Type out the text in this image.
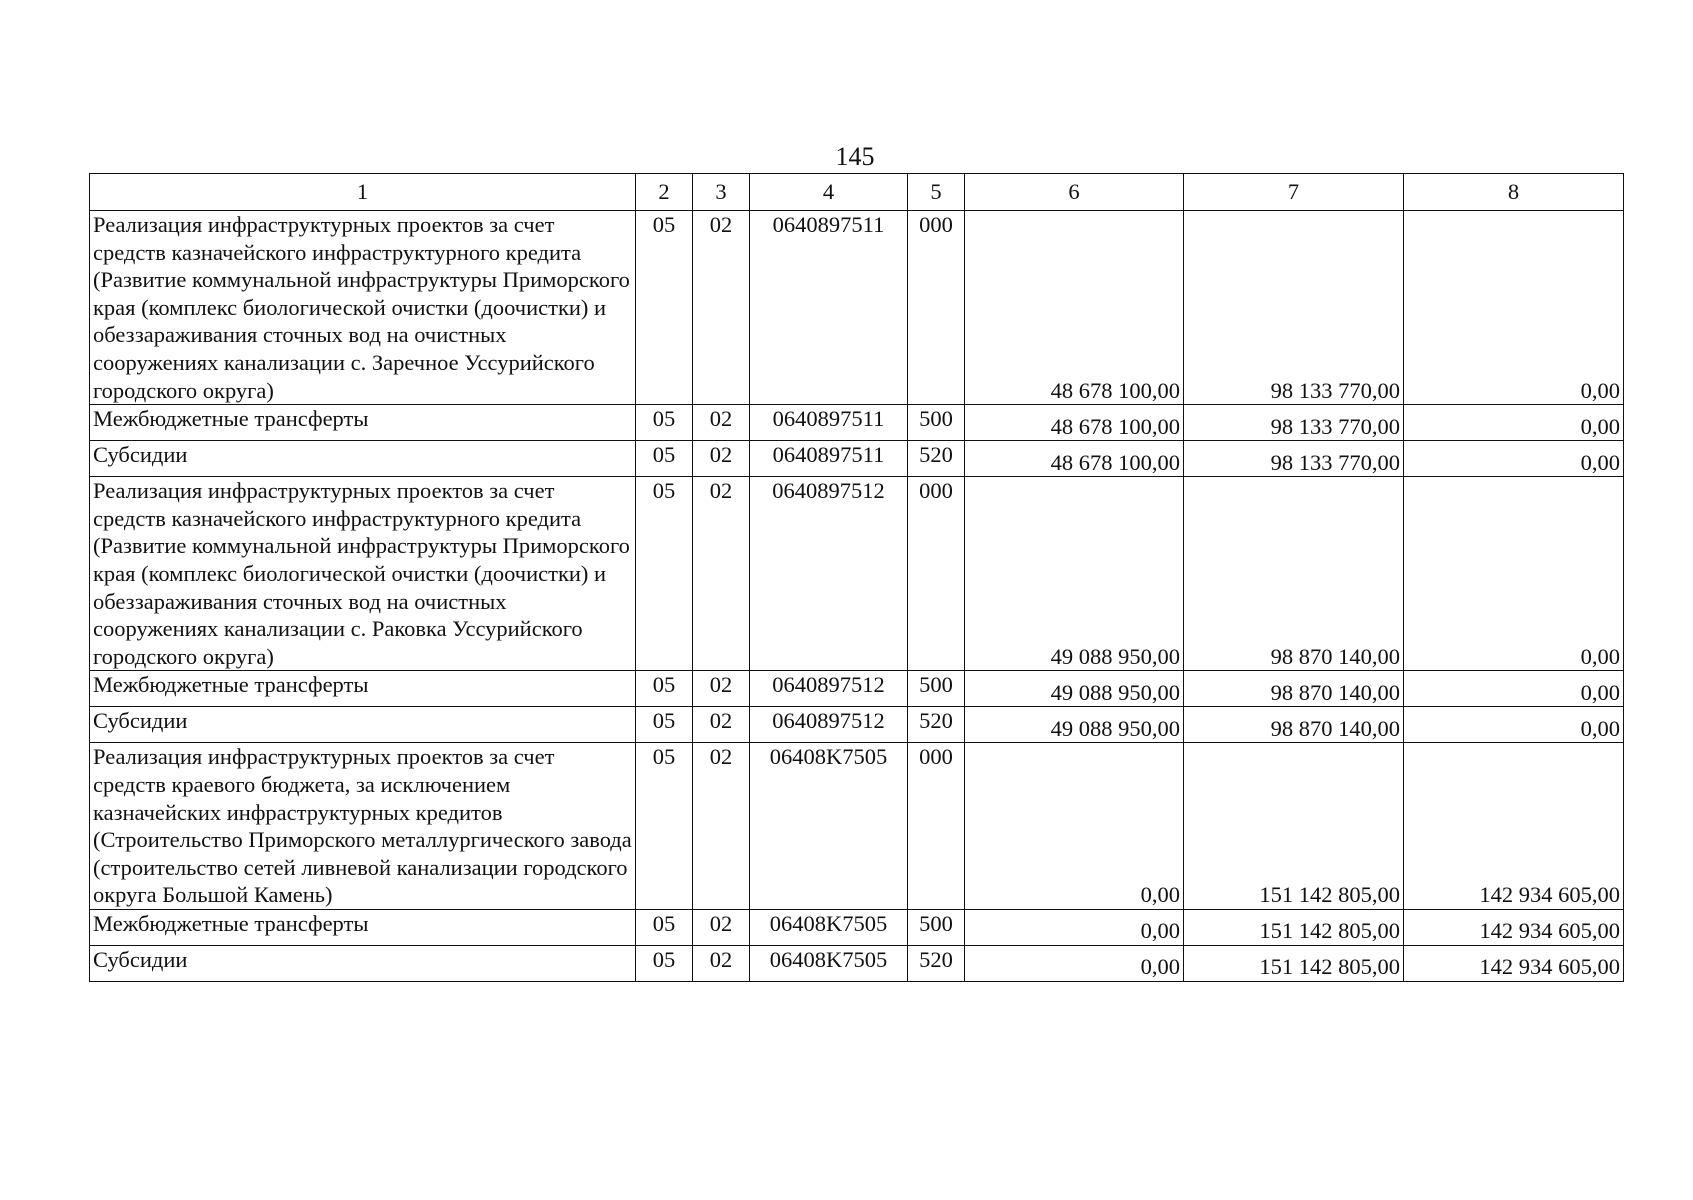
145
1	2	3	4	5	6	7	8
Реализация инфраструктурных проектов за счет средств казначейского инфраструктурного кредита (Развитие коммунальной инфраструктуры Приморского края (комплекс биологической очистки (доочистки) и обеззараживания сточных вод на очистных сооружениях канализации с. Заречное Уссурийского городского округа)	05	02	0640897511	000	48 678 100,00	98 133 770,00	0,00
Межбюджетные трансферты	05	02	0640897511	500	48 678 100,00	98 133 770,00	0,00
Субсидии	05	02	0640897511	520	48 678 100,00	98 133 770,00	0,00
Реализация инфраструктурных проектов за счет средств казначейского инфраструктурного кредита (Развитие коммунальной инфраструктуры Приморского края (комплекс биологической очистки (доочистки) и обеззараживания сточных вод на очистных сооружениях канализации с. Раковка Уссурийского городского округа)	05	02	0640897512	000	49 088 950,00	98 870 140,00	0,00
Межбюджетные трансферты	05	02	0640897512	500	49 088 950,00	98 870 140,00	0,00
Субсидии	05	02	0640897512	520	49 088 950,00	98 870 140,00	0,00
Реализация инфраструктурных проектов за счет средств краевого бюджета, за исключением казначейских инфраструктурных кредитов (Строительство Приморского металлургического завода (строительство сетей ливневой канализации городского округа Большой Камень)	05	02	06408K7505	000	0,00	151 142 805,00	142 934 605,00
Межбюджетные трансферты	05	02	06408K7505	500	0,00	151 142 805,00	142 934 605,00
Субсидии	05	02	06408K7505	520	0,00	151 142 805,00	142 934 605,00
